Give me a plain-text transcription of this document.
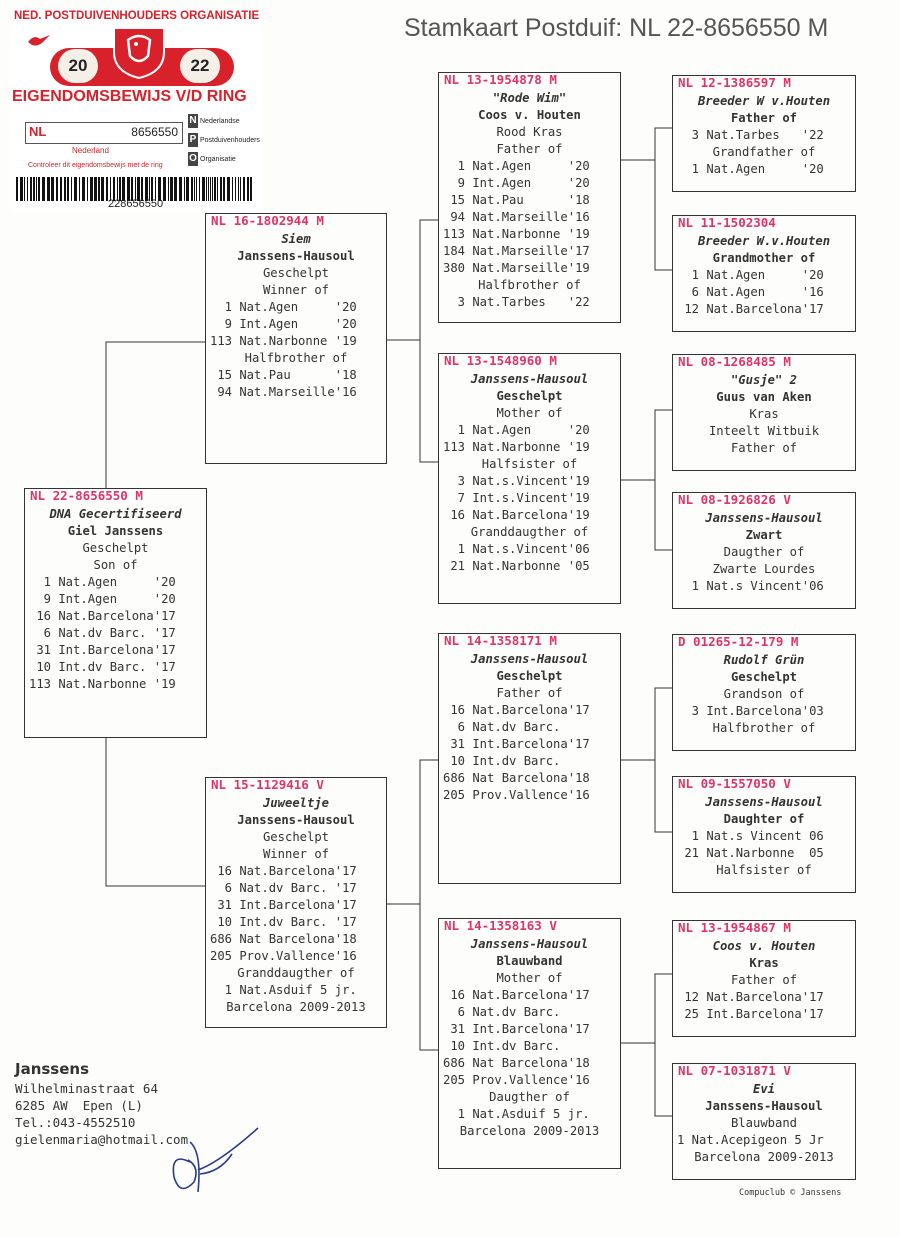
Stamkaart Postduif: NL 22-8656550 M
NED. POSTDUIVENHOUDERS ORGANISATIE
20	22
EIGENDOMSBEWIJS V/D RING
NL	8656550
N Nederlandse
P Postduivenhouders
O Organisatie
Nederland
Controleer dit eigendomsbewijs met de ring
228656550
NL 22-8656550 M
DNA Gecertifiseerd
Giel Janssens
Geschelpt
Son of
1 Nat.Agen     '20
9 Int.Agen     '20
16 Nat.Barcelona'17
6 Nat.dv Barc. '17
31 Int.Barcelona'17
10 Int.dv Barc. '17
113 Nat.Narbonne '19
NL 16-1802944 M
Siem
Janssens-Hausoul
Geschelpt
Winner of
1 Nat.Agen     '20
9 Int.Agen     '20
113 Nat.Narbonne '19
Halfbrother of
15 Nat.Pau      '18
94 Nat.Marseille'16
NL 15-1129416 V
Juweeltje
Janssens-Hausoul
Geschelpt
Winner of
16 Nat.Barcelona'17
6 Nat.dv Barc. '17
31 Int.Barcelona'17
10 Int.dv Barc. '17
686 Nat Barcelona'18
205 Prov.Vallence'16
Granddaugther of
1 Nat.Asduif 5 jr.
Barcelona 2009-2013
NL 13-1954878 M
"Rode Wim"
Coos v. Houten
Rood Kras
Father of
1 Nat.Agen     '20
9 Int.Agen     '20
15 Nat.Pau      '18
94 Nat.Marseille'16
113 Nat.Narbonne '19
184 Nat.Marseille'17
380 Nat.Marseille'19
Halfbrother of
3 Nat.Tarbes   '22
NL 13-1548960 M
Janssens-Hausoul
Geschelpt
Mother of
1 Nat.Agen     '20
113 Nat.Narbonne '19
Halfsister of
3 Nat.s.Vincent'19
7 Int.s.Vincent'19
16 Nat.Barcelona'19
Granddaugther of
1 Nat.s.Vincent'06
21 Nat.Narbonne '05
NL 14-1358171 M
Janssens-Hausoul
Geschelpt
Father of
16 Nat.Barcelona'17
6 Nat.dv Barc.
31 Int.Barcelona'17
10 Int.dv Barc.
686 Nat Barcelona'18
205 Prov.Vallence'16
NL 14-1358163 V
Janssens-Hausoul
Blauwband
Mother of
16 Nat.Barcelona'17
6 Nat.dv Barc.
31 Int.Barcelona'17
10 Int.dv Barc.
686 Nat Barcelona'18
205 Prov.Vallence'16
Daugther of
1 Nat.Asduif 5 jr.
Barcelona 2009-2013
NL 12-1386597 M
Breeder W v.Houten
Father of
3 Nat.Tarbes   '22
Grandfather of
1 Nat.Agen     '20
NL 11-1502304
Breeder W.v.Houten
Grandmother of
1 Nat.Agen     '20
6 Nat.Agen     '16
12 Nat.Barcelona'17
NL 08-1268485 M
"Gusje" 2
Guus van Aken
Kras
Inteelt Witbuik
Father of
NL 08-1926826 V
Janssens-Hausoul
Zwart
Daugther of
Zwarte Lourdes
1 Nat.s Vincent'06
D 01265-12-179 M
Rudolf Grün
Geschelpt
Grandson of
3 Int.Barcelona'03
Halfbrother of
NL 09-1557050 V
Janssens-Hausoul
Daughter of
1 Nat.s Vincent 06
21 Nat.Narbonne  05
Halfsister of
NL 13-1954867 M
Coos v. Houten
Kras
Father of
12 Nat.Barcelona'17
25 Int.Barcelona'17
NL 07-1031871 V
Evi
Janssens-Hausoul
Blauwband
1 Nat.Acepigeon 5 Jr
Barcelona 2009-2013
Janssens
Wilhelminastraat 64
6285 AW  Epen (L)
Tel.:043-4552510
gielenmaria@hotmail.com
Compuclub © Janssens
